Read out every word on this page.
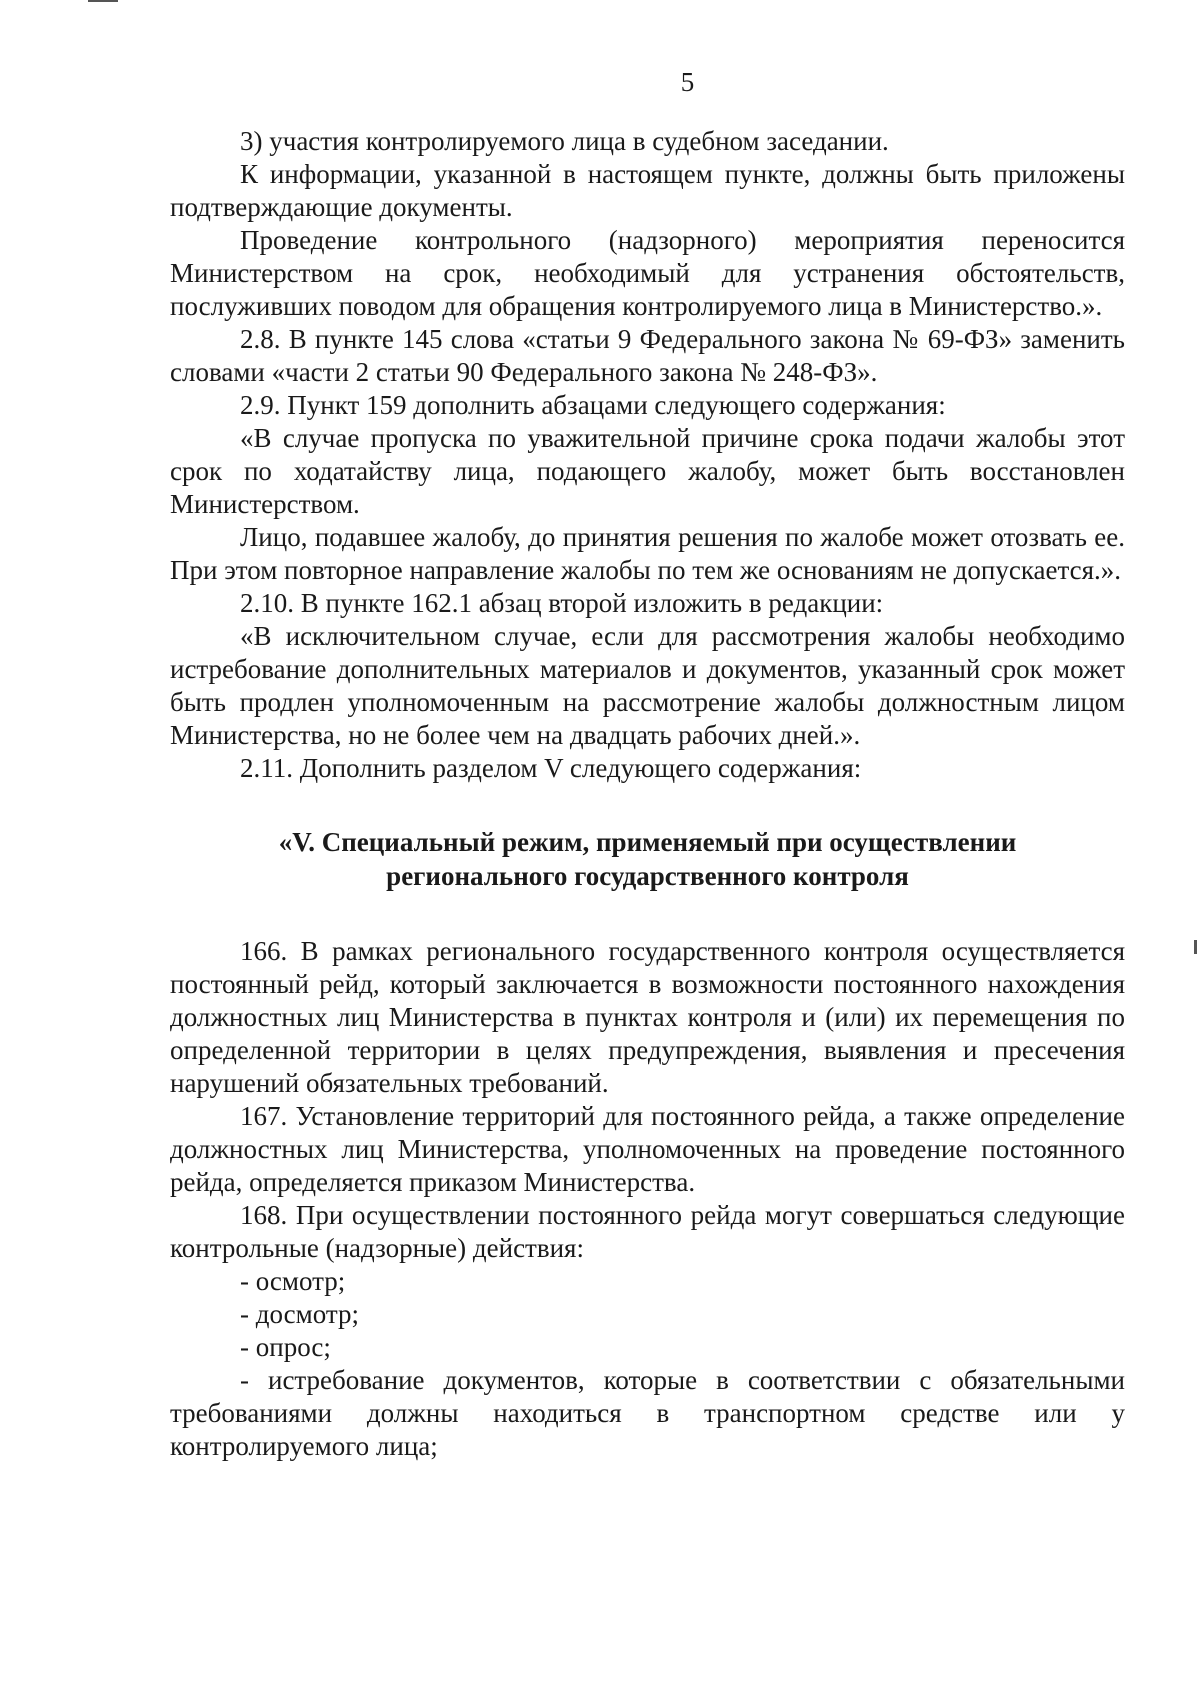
5

3) участия контролируемого лица в судебном заседании.

К информации, указанной в настоящем пункте, должны быть приложены подтверждающие документы.

Проведение контрольного (надзорного) мероприятия переносится Министерством на срок, необходимый для устранения обстоятельств, послуживших поводом для обращения контролируемого лица в Министерство.».

2.8. В пункте 145 слова «статьи 9 Федерального закона № 69-ФЗ» заменить словами «части 2 статьи 90 Федерального закона № 248-ФЗ».

2.9. Пункт 159 дополнить абзацами следующего содержания:

«В случае пропуска по уважительной причине срока подачи жалобы этот срок по ходатайству лица, подающего жалобу, может быть восстановлен Министерством.

Лицо, подавшее жалобу, до принятия решения по жалобе может отозвать ее. При этом повторное направление жалобы по тем же основаниям не допускается.».

2.10. В пункте 162.1 абзац второй изложить в редакции:

«В исключительном случае, если для рассмотрения жалобы необходимо истребование дополнительных материалов и документов, указанный срок может быть продлен уполномоченным на рассмотрение жалобы должностным лицом Министерства, но не более чем на двадцать рабочих дней.».

2.11. Дополнить разделом V следующего содержания:

«V. Специальный режим, применяемый при осуществлении
регионального государственного контроля

166. В рамках регионального государственного контроля осуществляется постоянный рейд, который заключается в возможности постоянного нахождения должностных лиц Министерства в пунктах контроля и (или) их перемещения по определенной территории в целях предупреждения, выявления и пресечения нарушений обязательных требований.

167. Установление территорий для постоянного рейда, а также определение должностных лиц Министерства, уполномоченных на проведение постоянного рейда, определяется приказом Министерства.

168. При осуществлении постоянного рейда могут совершаться следующие контрольные (надзорные) действия:

- осмотр;

- досмотр;

- опрос;

- истребование документов, которые в соответствии с обязательными требованиями должны находиться в транспортном средстве или у контролируемого лица;
